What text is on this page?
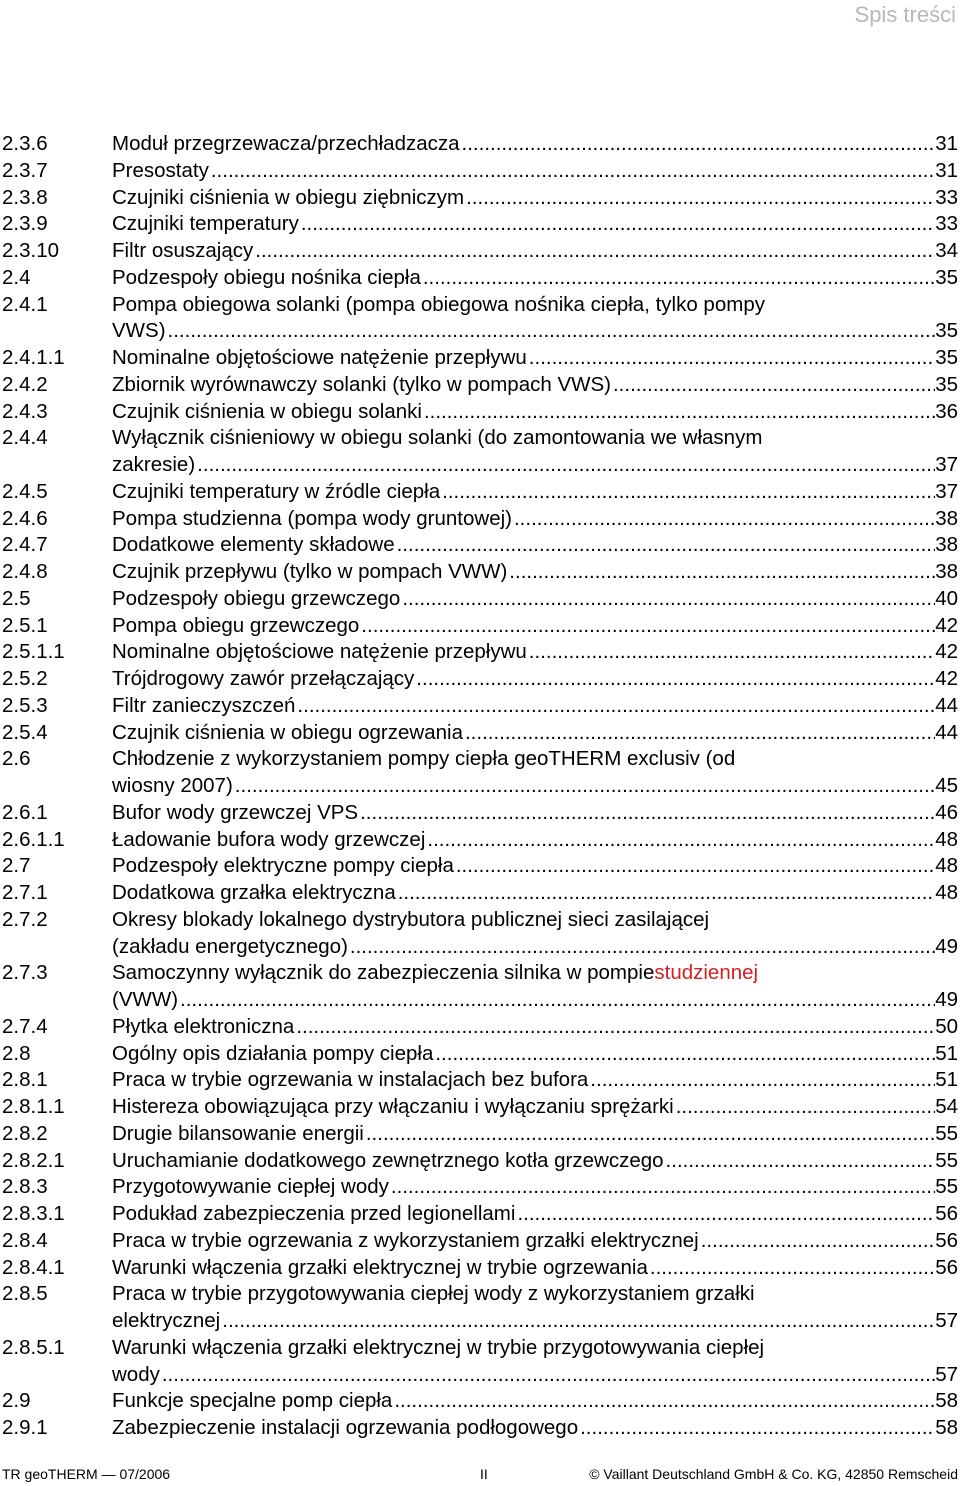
Spis treści
2.3.6	Moduł przegrzewacza/przechładzacza .....	31
2.3.7	Presostaty .....	31
2.3.8	Czujniki ciśnienia w obiegu ziębniczym .....	33
2.3.9	Czujniki temperatury .....	33
2.3.10	Filtr osuszający .....	34
2.4	Podzespoły obiegu nośnika ciepła .....	35
2.4.1	Pompa obiegowa solanki (pompa obiegowa nośnika ciepła, tylko pompy
VWS) .....	35
2.4.1.1	Nominalne objętościowe natężenie przepływu .....	35
2.4.2	Zbiornik wyrównawczy solanki (tylko w pompach VWS) .....	35
2.4.3	Czujnik ciśnienia w obiegu solanki .....	36
2.4.4	Wyłącznik ciśnieniowy w obiegu solanki (do zamontowania we własnym
zakresie) .....	37
2.4.5	Czujniki temperatury w źródle ciepła .....	37
2.4.6	Pompa studzienna (pompa wody gruntowej) .....	38
2.4.7	Dodatkowe elementy składowe .....	38
2.4.8	Czujnik przepływu (tylko w pompach VWW) .....	38
2.5	Podzespoły obiegu grzewczego .....	40
2.5.1	Pompa obiegu grzewczego .....	42
2.5.1.1	Nominalne objętościowe natężenie przepływu .....	42
2.5.2	Trójdrogowy zawór przełączający .....	42
2.5.3	Filtr zanieczyszczeń .....	44
2.5.4	Czujnik ciśnienia w obiegu ogrzewania .....	44
2.6	Chłodzenie z wykorzystaniem pompy ciepła geoTHERM exclusiv (od
wiosny 2007) .....	45
2.6.1	Bufor wody grzewczej VPS .....	46
2.6.1.1	Ładowanie bufora wody grzewczej .....	48
2.7	Podzespoły elektryczne pompy ciepła .....	48
2.7.1	Dodatkowa grzałka elektryczna .....	48
2.7.2	Okresy blokady lokalnego dystrybutora publicznej sieci zasilającej
(zakładu energetycznego) .....	49
2.7.3	Samoczynny wyłącznik do zabezpieczenia silnika w pompie studziennej
(VWW) .....	49
2.7.4	Płytka elektroniczna .....	50
2.8	Ogólny opis działania pompy ciepła .....	51
2.8.1	Praca w trybie ogrzewania w instalacjach bez bufora .....	51
2.8.1.1	Histereza obowiązująca przy włączaniu i wyłączaniu sprężarki .....	54
2.8.2	Drugie bilansowanie energii .....	55
2.8.2.1	Uruchamianie dodatkowego zewnętrznego kotła grzewczego .....	55
2.8.3	Przygotowywanie ciepłej wody .....	55
2.8.3.1	Podukład zabezpieczenia przed legionellami .....	56
2.8.4	Praca w trybie ogrzewania z wykorzystaniem grzałki elektrycznej .....	56
2.8.4.1	Warunki włączenia grzałki elektrycznej w trybie ogrzewania .....	56
2.8.5	Praca w trybie przygotowywania ciepłej wody z wykorzystaniem grzałki
elektrycznej .....	57
2.8.5.1	Warunki włączenia grzałki elektrycznej w trybie przygotowywania ciepłej
wody .....	57
2.9	Funkcje specjalne pomp ciepła .....	58
2.9.1	Zabezpieczenie instalacji ogrzewania podłogowego .....	58
TR geoTHERM — 07/2006	II	© Vaillant Deutschland GmbH & Co. KG, 42850 Remscheid
